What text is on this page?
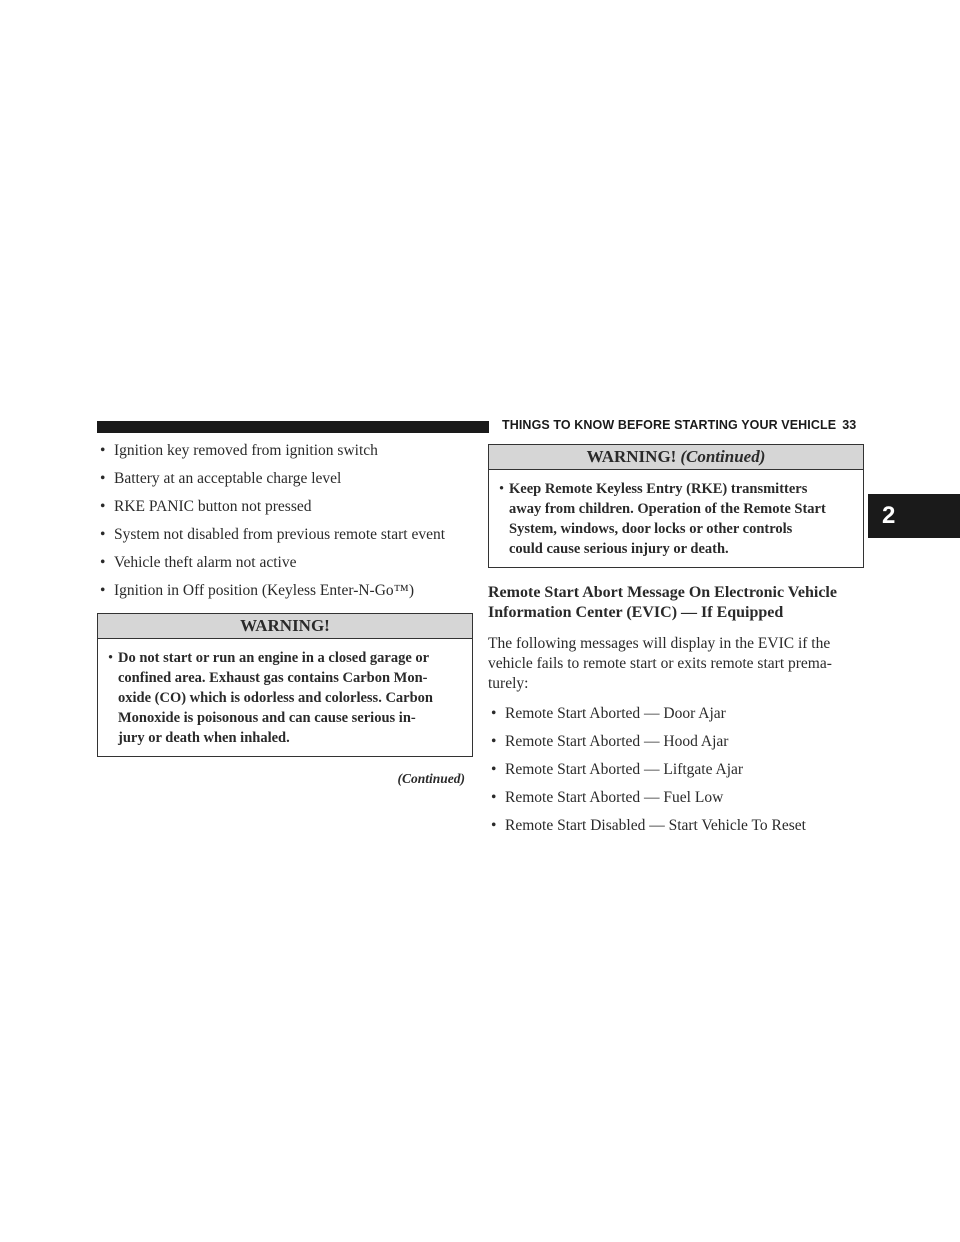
THINGS TO KNOW BEFORE STARTING YOUR VEHICLE 33
2
• Ignition key removed from ignition switch
• Battery at an acceptable charge level
• RKE PANIC button not pressed
• System not disabled from previous remote start event
• Vehicle theft alarm not active
• Ignition in Off position (Keyless Enter-N-Go™)
WARNING!
• Do not start or run an engine in a closed garage or
confined area. Exhaust gas contains Carbon Mon-
oxide (CO) which is odorless and colorless. Carbon
Monoxide is poisonous and can cause serious in-
jury or death when inhaled.
(Continued)
WARNING! (Continued)
• Keep Remote Keyless Entry (RKE) transmitters
away from children. Operation of the Remote Start
System, windows, door locks or other controls
could cause serious injury or death.
Remote Start Abort Message On Electronic Vehicle
Information Center (EVIC) — If Equipped
The following messages will display in the EVIC if the
vehicle fails to remote start or exits remote start prema-
turely:
• Remote Start Aborted — Door Ajar
• Remote Start Aborted — Hood Ajar
• Remote Start Aborted — Liftgate Ajar
• Remote Start Aborted — Fuel Low
• Remote Start Disabled — Start Vehicle To Reset
